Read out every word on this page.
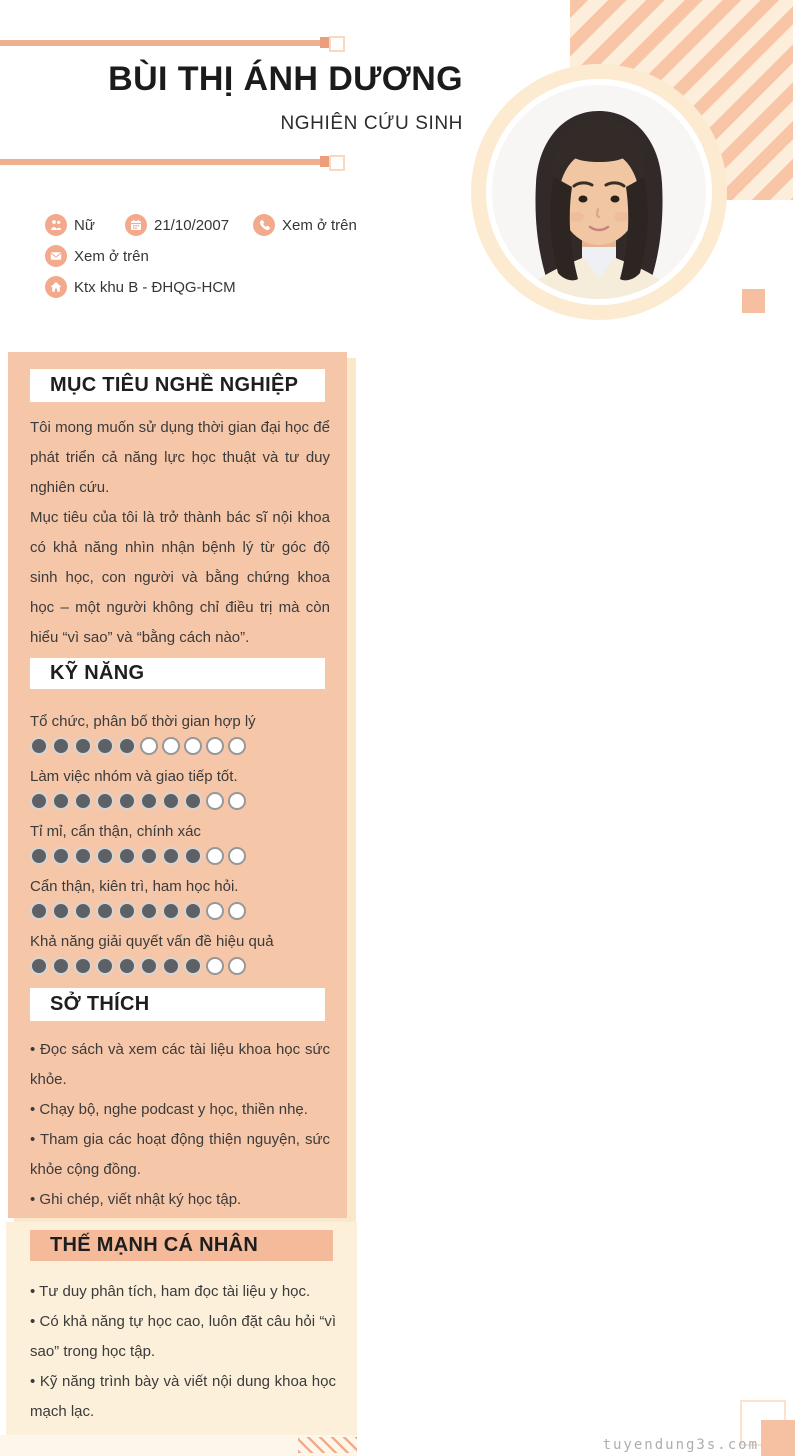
BÙI THỊ ÁNH DƯƠNG
NGHIÊN CỨU SINH
Nữ	21/10/2007	Xem ở trên
Xem ở trên
Ktx khu B - ĐHQG-HCM
MỤC TIÊU NGHỀ NGHIỆP

Tôi mong muốn sử dụng thời gian đại học để phát triển cả năng lực học thuật và tư duy nghiên cứu.

Mục tiêu của tôi là trở thành bác sĩ nội khoa có khả năng nhìn nhận bệnh lý từ góc độ sinh học, con người và bằng chứng khoa học – một người không chỉ điều trị mà còn hiểu “vì sao” và “bằng cách nào”.

KỸ NĂNG
Tổ chức, phân bố thời gian hợp lý
Làm việc nhóm và giao tiếp tốt.
Tỉ mỉ, cẩn thận, chính xác
Cẩn thận, kiên trì, ham học hỏi.
Khả năng giải quyết vấn đề hiệu quả
SỞ THÍCH
• Đọc sách và xem các tài liệu khoa học sức khỏe.
• Chạy bộ, nghe podcast y học, thiền nhẹ.
• Tham gia các hoạt động thiện nguyện, sức khỏe cộng đồng.
• Ghi chép, viết nhật ký học tập.
THẾ MẠNH CÁ NHÂN
• Tư duy phân tích, ham đọc tài liệu y học.
• Có khả năng tự học cao, luôn đặt câu hỏi “vì sao” trong học tập.
• Kỹ năng trình bày và viết nội dung khoa học mạch lạc.
tuyendung3s.com
